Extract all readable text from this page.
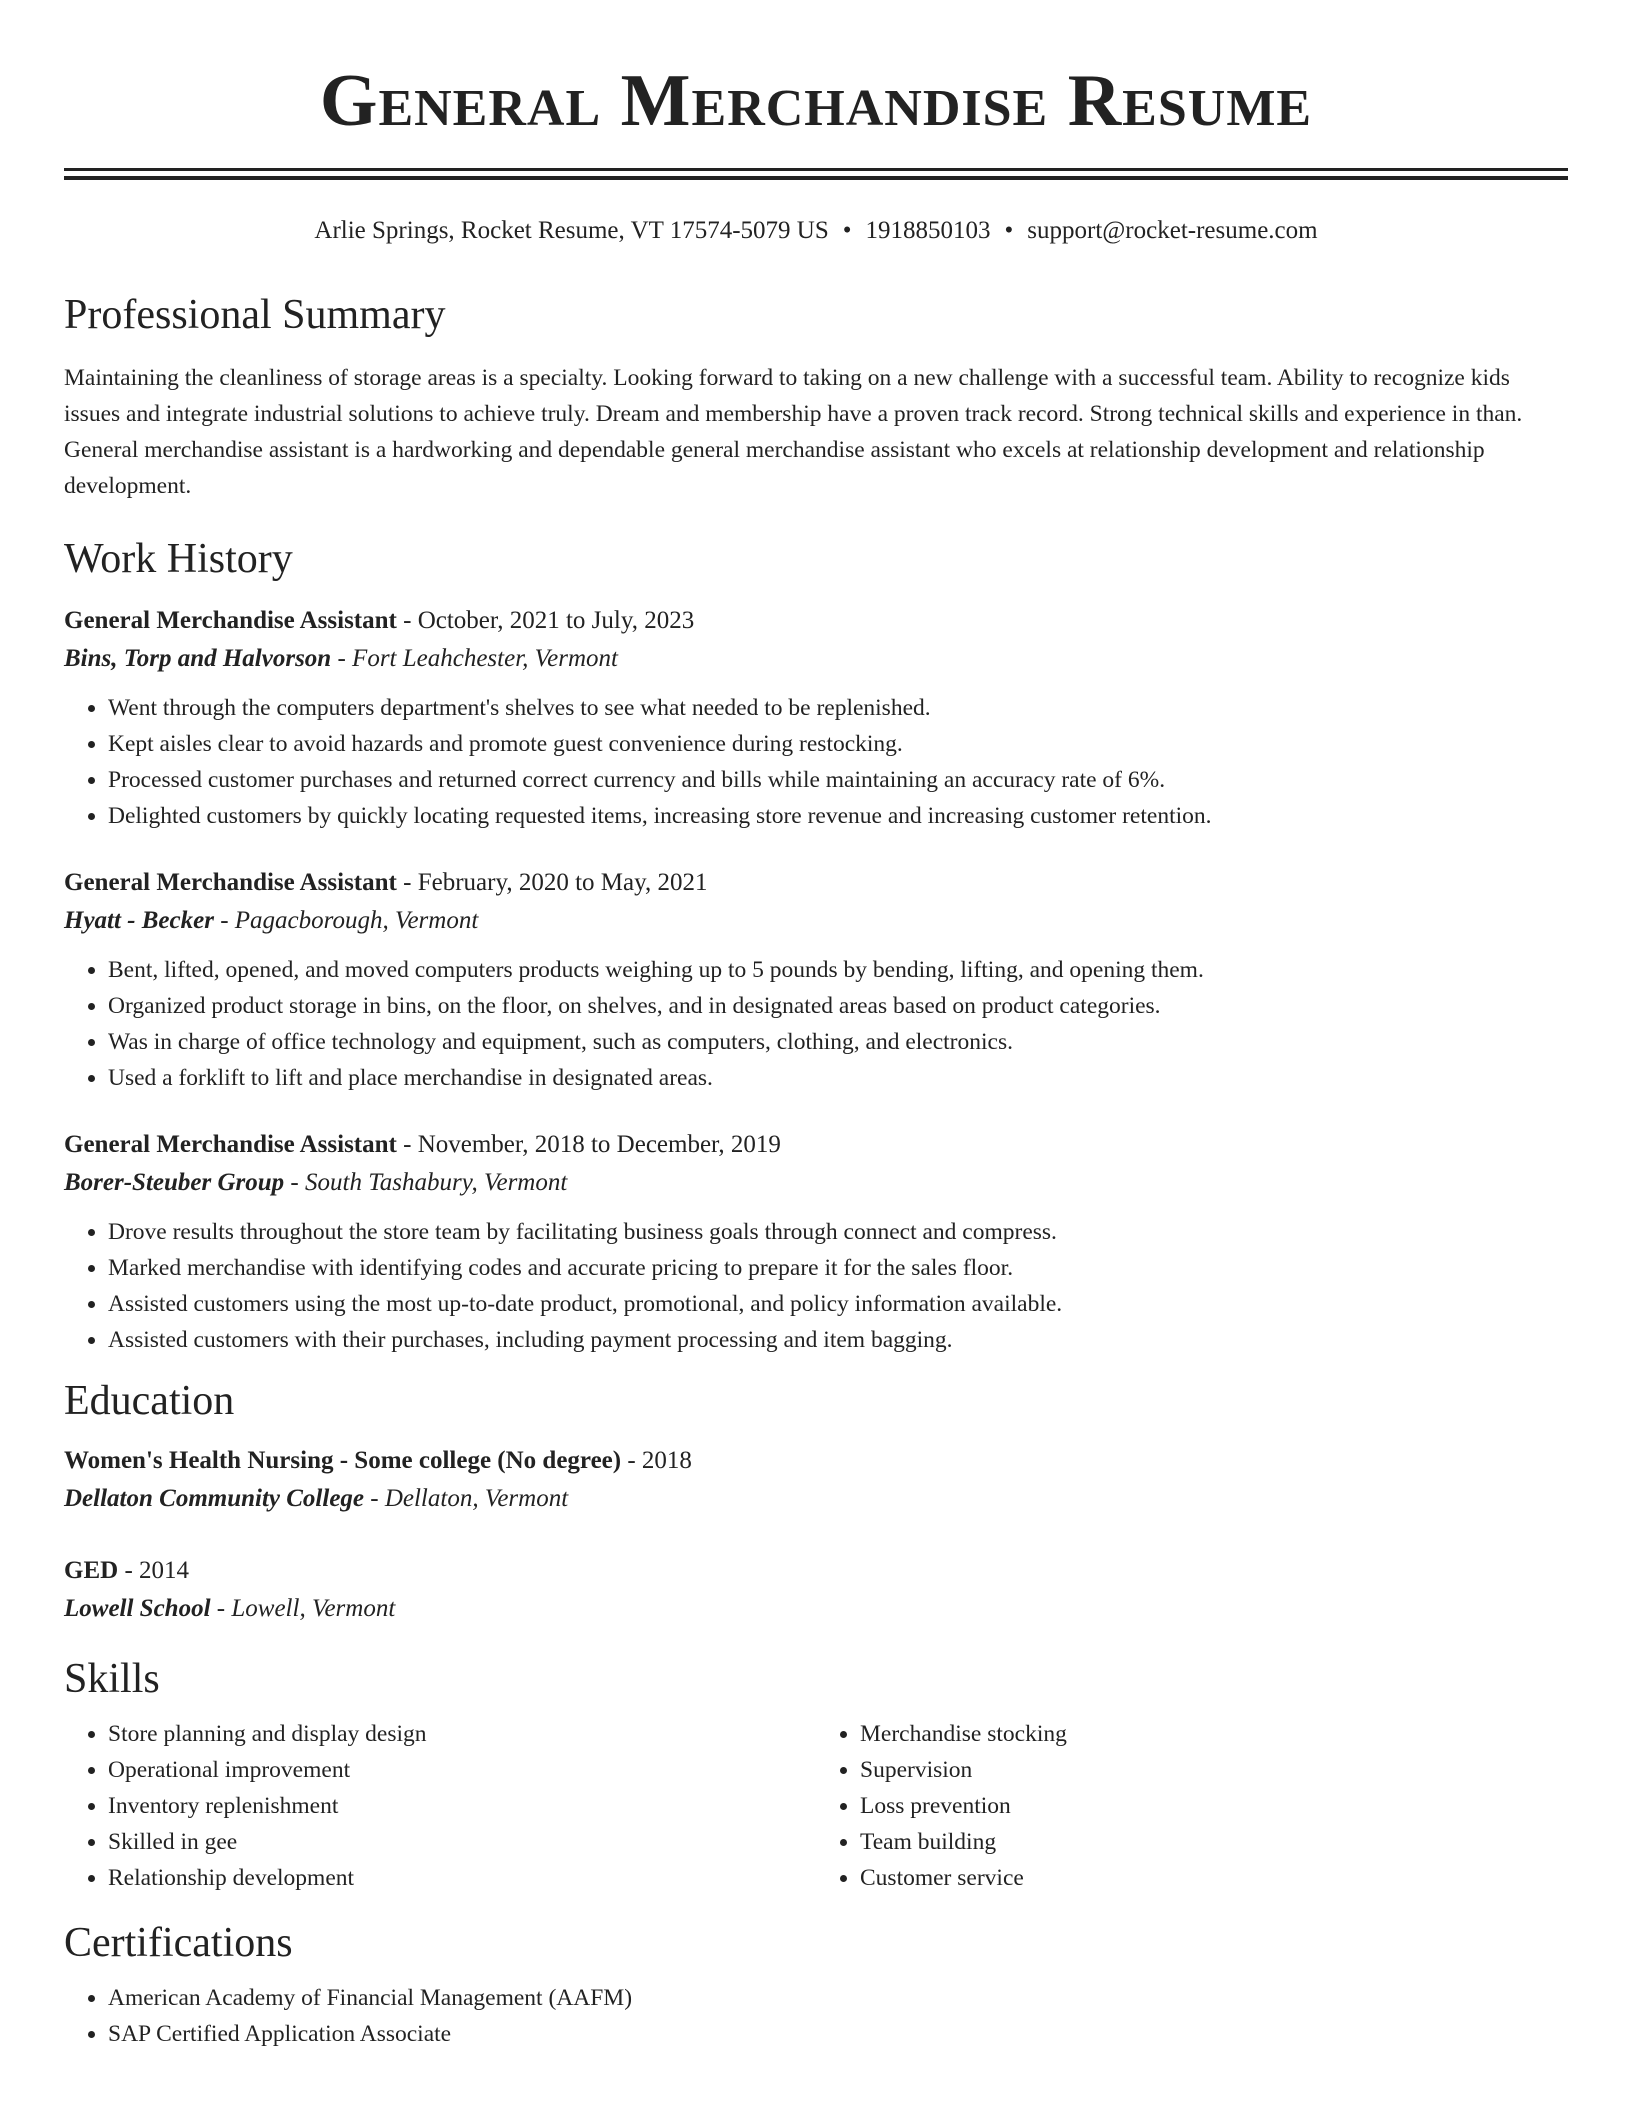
General Merchandise Resume
Arlie Springs, Rocket Resume, VT 17574-5079 US • 1918850103 • support@rocket-resume.com
Professional Summary
Maintaining the cleanliness of storage areas is a specialty. Looking forward to taking on a new challenge with a successful team. Ability to recognize kids issues and integrate industrial solutions to achieve truly. Dream and membership have a proven track record. Strong technical skills and experience in than. General merchandise assistant is a hardworking and dependable general merchandise assistant who excels at relationship development and relationship development.
Work History
General Merchandise Assistant - October, 2021 to July, 2023
Bins, Torp and Halvorson - Fort Leahchester, Vermont
• Went through the computers department's shelves to see what needed to be replenished.
• Kept aisles clear to avoid hazards and promote guest convenience during restocking.
• Processed customer purchases and returned correct currency and bills while maintaining an accuracy rate of 6%.
• Delighted customers by quickly locating requested items, increasing store revenue and increasing customer retention.
General Merchandise Assistant - February, 2020 to May, 2021
Hyatt - Becker - Pagacborough, Vermont
• Bent, lifted, opened, and moved computers products weighing up to 5 pounds by bending, lifting, and opening them.
• Organized product storage in bins, on the floor, on shelves, and in designated areas based on product categories.
• Was in charge of office technology and equipment, such as computers, clothing, and electronics.
• Used a forklift to lift and place merchandise in designated areas.
General Merchandise Assistant - November, 2018 to December, 2019
Borer-Steuber Group - South Tashabury, Vermont
• Drove results throughout the store team by facilitating business goals through connect and compress.
• Marked merchandise with identifying codes and accurate pricing to prepare it for the sales floor.
• Assisted customers using the most up-to-date product, promotional, and policy information available.
• Assisted customers with their purchases, including payment processing and item bagging.
Education
Women's Health Nursing - Some college (No degree) - 2018
Dellaton Community College - Dellaton, Vermont
GED - 2014
Lowell School - Lowell, Vermont
Skills
• Store planning and display design
• Operational improvement
• Inventory replenishment
• Skilled in gee
• Relationship development
• Merchandise stocking
• Supervision
• Loss prevention
• Team building
• Customer service
Certifications
• American Academy of Financial Management (AAFM)
• SAP Certified Application Associate
